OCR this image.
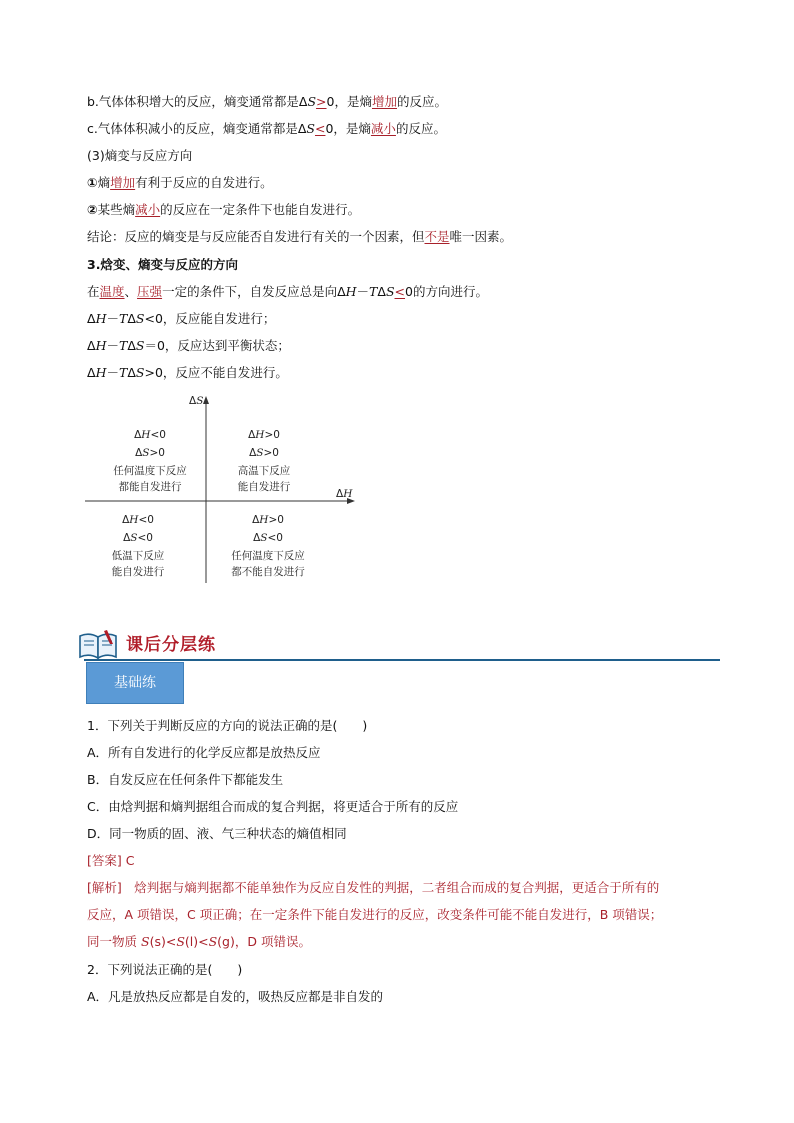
b.气体体积增大的反应，熵变通常都是ΔS>0，是熵增加的反应。
c.气体体积减小的反应，熵变通常都是ΔS<0，是熵减小的反应。
(3)熵变与反应方向
①熵增加有利于反应的自发进行。
②某些熵减小的反应在一定条件下也能自发进行。
结论：反应的熵变是与反应能否自发进行有关的一个因素，但不是唯一因素。
3.焓变、熵变与反应的方向
在温度、压强一定的条件下，自发反应总是向ΔH－TΔS<0的方向进行。
ΔH－TΔS<0，反应能自发进行；
ΔH－TΔS＝0，反应达到平衡状态；
ΔH－TΔS>0，反应不能自发进行。
ΔS
ΔH
ΔH<0
ΔS>0
任何温度下反应
都能自发进行
ΔH>0
ΔS>0
高温下反应
能自发进行
ΔH<0
ΔS<0
低温下反应
能自发进行
ΔH>0
ΔS<0
任何温度下反应
都不能自发进行
课后分层练
基础练
1．下列关于判断反应的方向的说法正确的是(　　)
A．所有自发进行的化学反应都是放热反应
B．自发反应在任何条件下都能发生
C．由焓判据和熵判据组合而成的复合判据，将更适合于所有的反应
D．同一物质的固、液、气三种状态的熵值相同
[答案] C
[解析]　焓判据与熵判据都不能单独作为反应自发性的判据，二者组合而成的复合判据，更适合于所有的
反应，A 项错误，C 项正确；在一定条件下能自发进行的反应，改变条件可能不能自发进行，B 项错误；
同一物质 S(s)<S(l)<S(g)，D 项错误。
2．下列说法正确的是(　　)
A．凡是放热反应都是自发的，吸热反应都是非自发的
